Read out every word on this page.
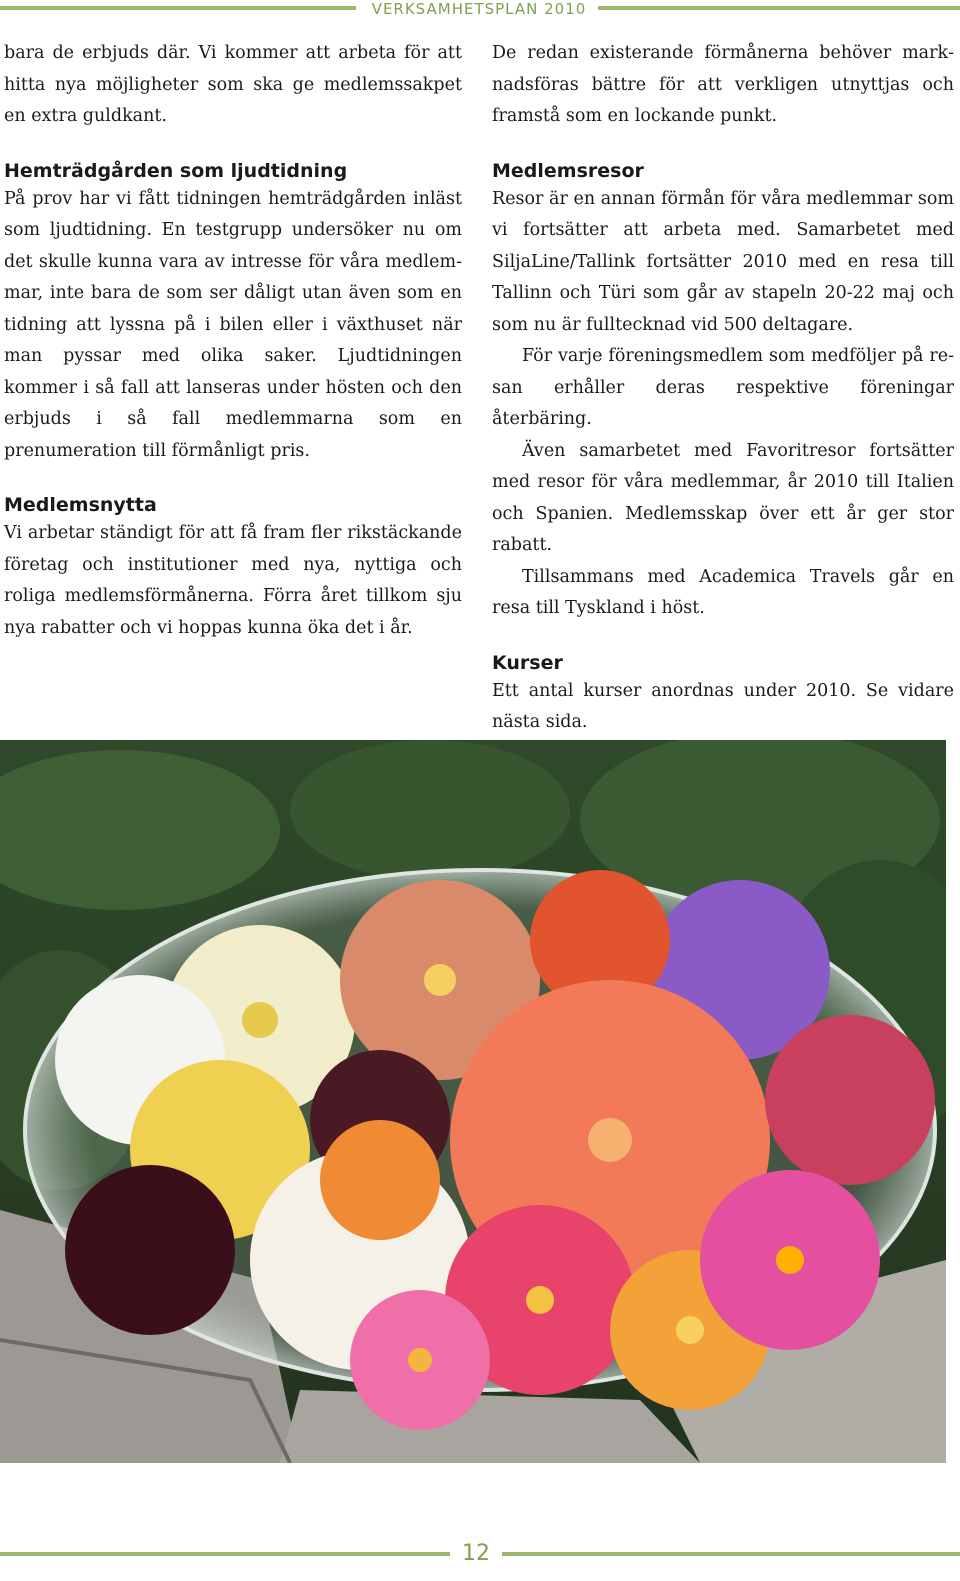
VERKSAMHETSPLAN 2010

bara de erbjuds där. Vi kommer att arbeta för att hitta nya möjligheter som ska ge medlemssakpet en extra guldkant.

Hemträdgården som ljudtidning

På prov har vi fått tidningen hemträdgården inläst som ljudtidning. En testgrupp undersöker nu om det skulle kunna vara av intresse för våra medlemmar, inte bara de som ser dåligt utan även som en tidning att lyssna på i bilen eller i växthuset när man pyssar med olika saker. Ljudtidningen kommer i så fall att lanseras under hösten och den erbjuds i så fall medlemmarna som en prenumeration till förmånligt pris.

Medlemsnytta

Vi arbetar ständigt för att få fram fler rikstäckande företag och institutioner med nya, nyttiga och roliga medlemsförmånerna. Förra året tillkom sju nya rabatter och vi hoppas kunna öka det i år.

De redan existerande förmånerna behöver marknadsföras bättre för att verkligen utnyttjas och framstå som en lockande punkt.

Medlemsresor

Resor är en annan förmån för våra medlemmar som vi fortsätter att arbeta med. Samarbetet med SiljaLine/Tallink fortsätter 2010 med en resa till Tallinn och Türi som går av stapeln 20-22 maj och som nu är fulltecknad vid 500 deltagare.

För varje föreningsmedlem som medföljer på resan erhåller deras respektive föreningar återbäring.

Även samarbetet med Favoritresor fortsätter med resor för våra medlemmar, år 2010 till Italien och Spanien. Medlemsskap över ett år ger stor rabatt.

Tillsammans med Academica Travels går en resa till Tyskland i höst.

Kurser

Ett antal kurser anordnas under 2010. Se vidare nästa sida.

12
